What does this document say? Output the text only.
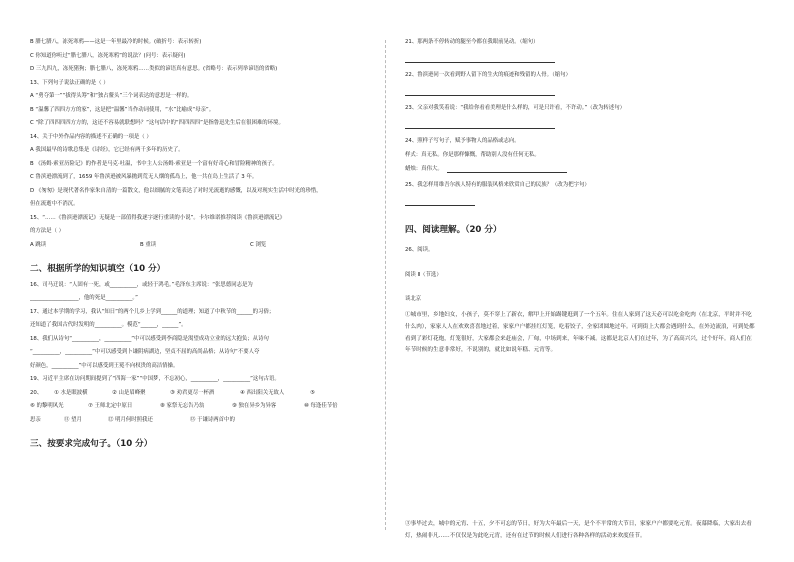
B 腊七腊八，冻死寒鸦——这是一年里最冷的时候。(破折号：表示转折)

C 你知道你听过“腊七腊八，冻死寒鸦”的说法？(问号：表示疑问)

D 三九四九，冻死猪狗；腊七腊八，冻死寒鸦……类似的谚语真有意思。(省略号：表示列举谚语的省略)

13、下列句子说法正确的是（ ）

A “勇夺第一”“拔得头筹”和“独占鳌头”三个词表达的意思是一样的。

B “温馨了四四方方的家”，这是把“温馨”当作动词使用，“水”比喻成“母亲”。

C “除了四四四四方方的，这还不容易就联想吗？”这句话中的“四四四四”是指鲁迅先生后在很困难的环境。

14、关于中外作品内容的描述不正确的一项是（ ）

A 我国最早的诗歌总集是《诗经》，它已经有两千多年的历史了。

B 《汤姆·索亚历险记》的作者是马克·吐温，书中主人公汤姆·索亚是一个富有好奇心和冒险精神的孩子。

C 鲁滨逊漂流到了，1659 年鲁滨逊被风暴抛到荒无人烟的孤岛上，他一共在岛上生活了 3 年。

D 《匆匆》是现代著名作家朱自清的一篇散文，他以细腻的文笔表达了对时光流逝的感慨，以及对现实生活中时光的珍惜，

但在流逝中不消沉。

15、“……《鲁滨逊漂流记》无疑是一部值得我逐字逐行重读的小说”。卡尔维诺推荐阅读《鲁滨逊漂流记》

的方法是（ ）

A 跳读	B 重读	C 浏览

二、根据所学的知识填空（10 分）

16、司马迁说：“人固有一死，或__________，或轻于鸿毛。”毛泽东主席说：“张思德同志是为

__________________，他的死是__________。”

17、通过本学期的学习，我认“知日”的两个儿乡上学到______的道理；知道了中秋节的______的习俗；

还知道了我国古代时发明的__________。模范“______，______”。

18、我们从诗句“__________，__________”中可以感受到李商隐是渴望成功立业的远大抱负；从诗句

“__________，__________”中可以感受到卜谦阴病湖边，坚贞不屈的高尚品格；从诗句“不要人夸

好颜色，__________”中可以感受到王冕不向权贵的高洁情操。

19、习近平主席在访问期间提到了“四海一家”“中国梦，不忘初心，__________，__________”这句古语。

20、	① 水是眼波横	② 山是眉峰聚	③ 劝君更尽一杯酒	④ 西出阳关无故人	⑤
⑥ 的黎明风光	⑦ 王师北定中原日	⑧ 家祭无忘告乃翁	⑨ 独在异乡为异客	⑩ 每逢佳节倍
思亲	⑪ 望月	⑫ 明月何时照我还	⑬ 于谦诗两首中的

三、按要求完成句子。（10 分）

21、那两条不停转动的腿至今都在我眼前晃动。（缩句）

22、鲁滨逊同一次看到野人留下的生火的痕迹和残留的人骨。（缩句）

23、父亲对我笑着说：“我给你看看美理是什么样的，可是只许看，不许动。”（改为转述句）

24、照样子写句子，赋予事物人的品格或志向。

样式：真无私。你是那样慷慨，帮助别人没有任何无私。

蜡烛：真伟大。

25、我怎样用维吾尔族人特有的服装风格来欣赏自己的民族？（改为把字句）

四、阅读理解。（20 分）

26、阅读。

阅读 Ⅱ（节选）

谈北京

①城市里，乡地妇女，小孩子，莫不穿上了新衣，解甲上开始踢键逛到了一个五年。住在人家到了这天必可以吃金吃肉（在北京，平时并不吃什么肉），家家人人在欢欢喜喜地过着，家家户户都挂红灯笼，吃着饺子，全家团圆地过年。可到街上大都会遇到什么，在外边流浪，可到处都看到了彩灯花炮，灯笼很好，大家都会来赶庙会，厂甸，中场到来，年味不减。这都是北京人们在过年，为了高高兴兴，过个好年。商人们在年节时候的生意非常好，不说别的，就比如说年糕、元宵等。

③事毕过去，城中的元宵、十五，夕不可忘的节日，好为大年最后一天，是个不平常的大节日，家家户户都要吃元宵。夜幕降临，大家出去看灯，热闹非凡……不仅仅是为此吃元宵，还有在过节的时候人们进行各种各样的活动来欢度佳节。
